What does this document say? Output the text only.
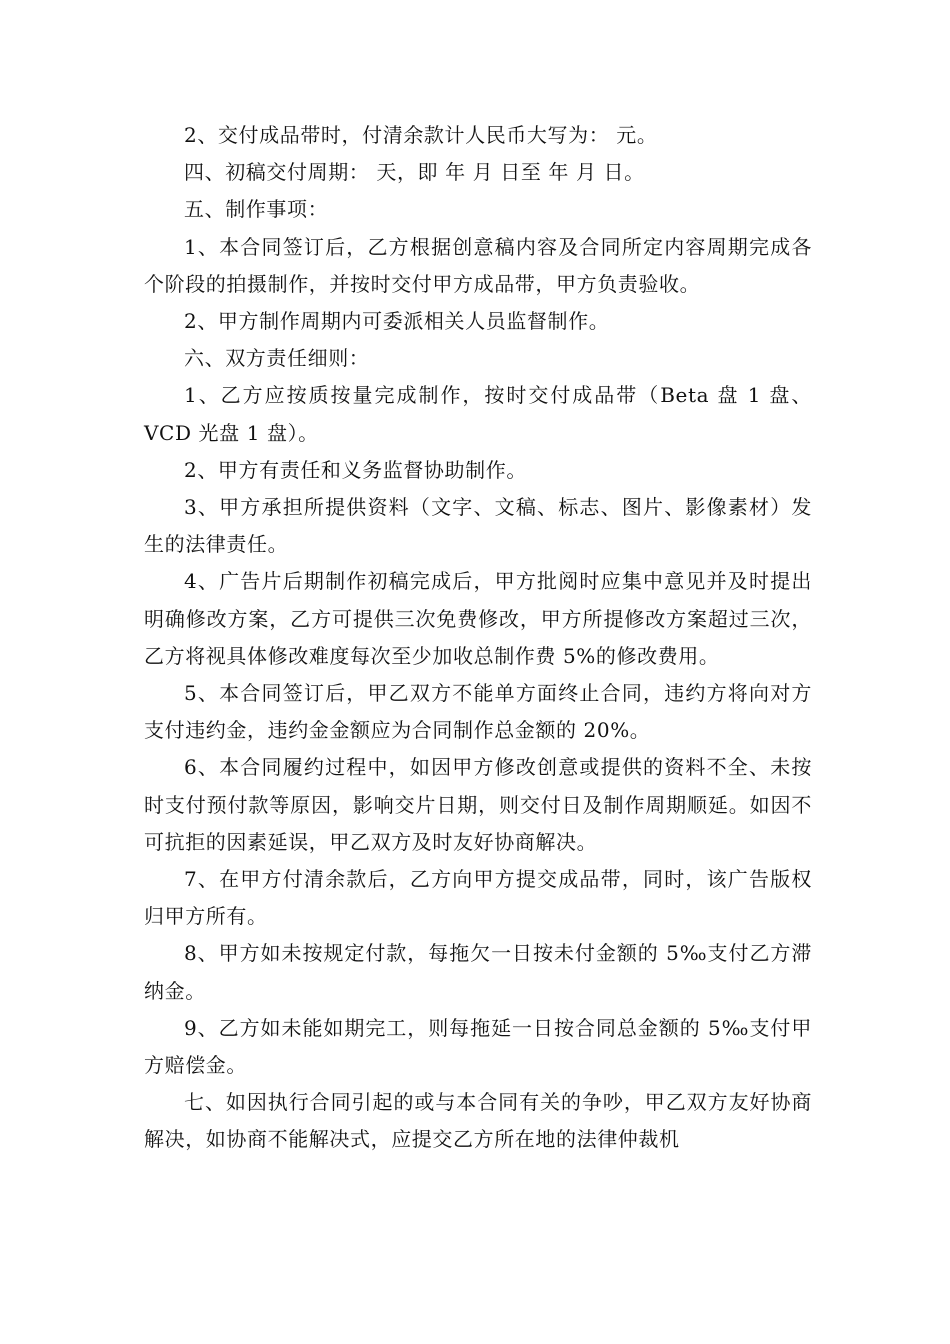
2、交付成品带时，付清余款计人民币大写为： 元。

四、初稿交付周期： 天，即 年 月 日至 年 月 日。

五、制作事项：

1、本合同签订后，乙方根据创意稿内容及合同所定内容周期完成各个阶段的拍摄制作，并按时交付甲方成品带，甲方负责验收。

2、甲方制作周期内可委派相关人员监督制作。

六、双方责任细则：

1、乙方应按质按量完成制作，按时交付成品带（Beta 盘 1 盘、VCD 光盘 1 盘）。

2、甲方有责任和义务监督协助制作。

3、甲方承担所提供资料（文字、文稿、标志、图片、影像素材）发生的法律责任。

4、广告片后期制作初稿完成后，甲方批阅时应集中意见并及时提出明确修改方案，乙方可提供三次免费修改，甲方所提修改方案超过三次，乙方将视具体修改难度每次至少加收总制作费 5%的修改费用。

5、本合同签订后，甲乙双方不能单方面终止合同，违约方将向对方支付违约金，违约金金额应为合同制作总金额的 20%。

6、本合同履约过程中，如因甲方修改创意或提供的资料不全、未按时支付预付款等原因，影响交片日期，则交付日及制作周期顺延。如因不可抗拒的因素延误，甲乙双方及时友好协商解决。

7、在甲方付清余款后，乙方向甲方提交成品带，同时，该广告版权归甲方所有。

8、甲方如未按规定付款，每拖欠一日按未付金额的 5‰支付乙方滞纳金。

9、乙方如未能如期完工，则每拖延一日按合同总金额的 5‰支付甲方赔偿金。

七、如因执行合同引起的或与本合同有关的争吵，甲乙双方友好协商解决，如协商不能解决式，应提交乙方所在地的法律仲裁机
